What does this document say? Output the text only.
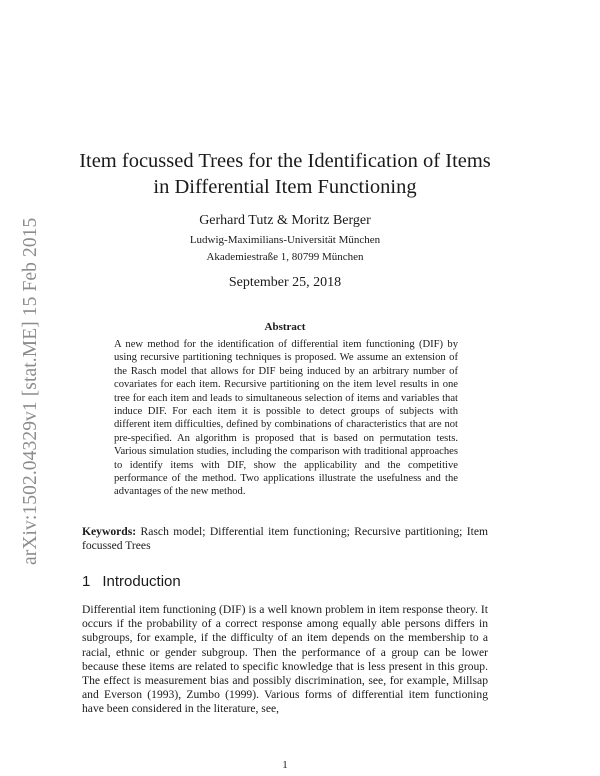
arXiv:1502.04329v1 [stat.ME] 15 Feb 2015
Item focussed Trees for the Identification of Items
in Differential Item Functioning
Gerhard Tutz & Moritz Berger
Ludwig-Maximilians-Universität München
Akademiestraße 1, 80799 München
September 25, 2018
Abstract

A new method for the identification of differential item functioning (DIF) by using recursive partitioning techniques is proposed. We assume an extension of the Rasch model that allows for DIF being induced by an arbitrary number of covariates for each item. Recursive partitioning on the item level results in one tree for each item and leads to simultaneous selection of items and variables that induce DIF. For each item it is possible to detect groups of subjects with different item difficulties, defined by combinations of characteristics that are not pre-specified. An algorithm is proposed that is based on permutation tests. Various simulation studies, including the comparison with traditional approaches to identify items with DIF, show the applicability and the competitive performance of the method. Two applications illustrate the usefulness and the advantages of the new method.

Keywords: Rasch model; Differential item functioning; Recursive partitioning; Item focussed Trees
1 Introduction

Differential item functioning (DIF) is a well known problem in item response theory. It occurs if the probability of a correct response among equally able persons differs in subgroups, for example, if the difficulty of an item depends on the membership to a racial, ethnic or gender subgroup. Then the performance of a group can be lower because these items are related to specific knowledge that is less present in this group. The effect is measurement bias and possibly discrimination, see, for example, Millsap and Everson (1993), Zumbo (1999). Various forms of differential item functioning have been considered in the literature, see,

1
